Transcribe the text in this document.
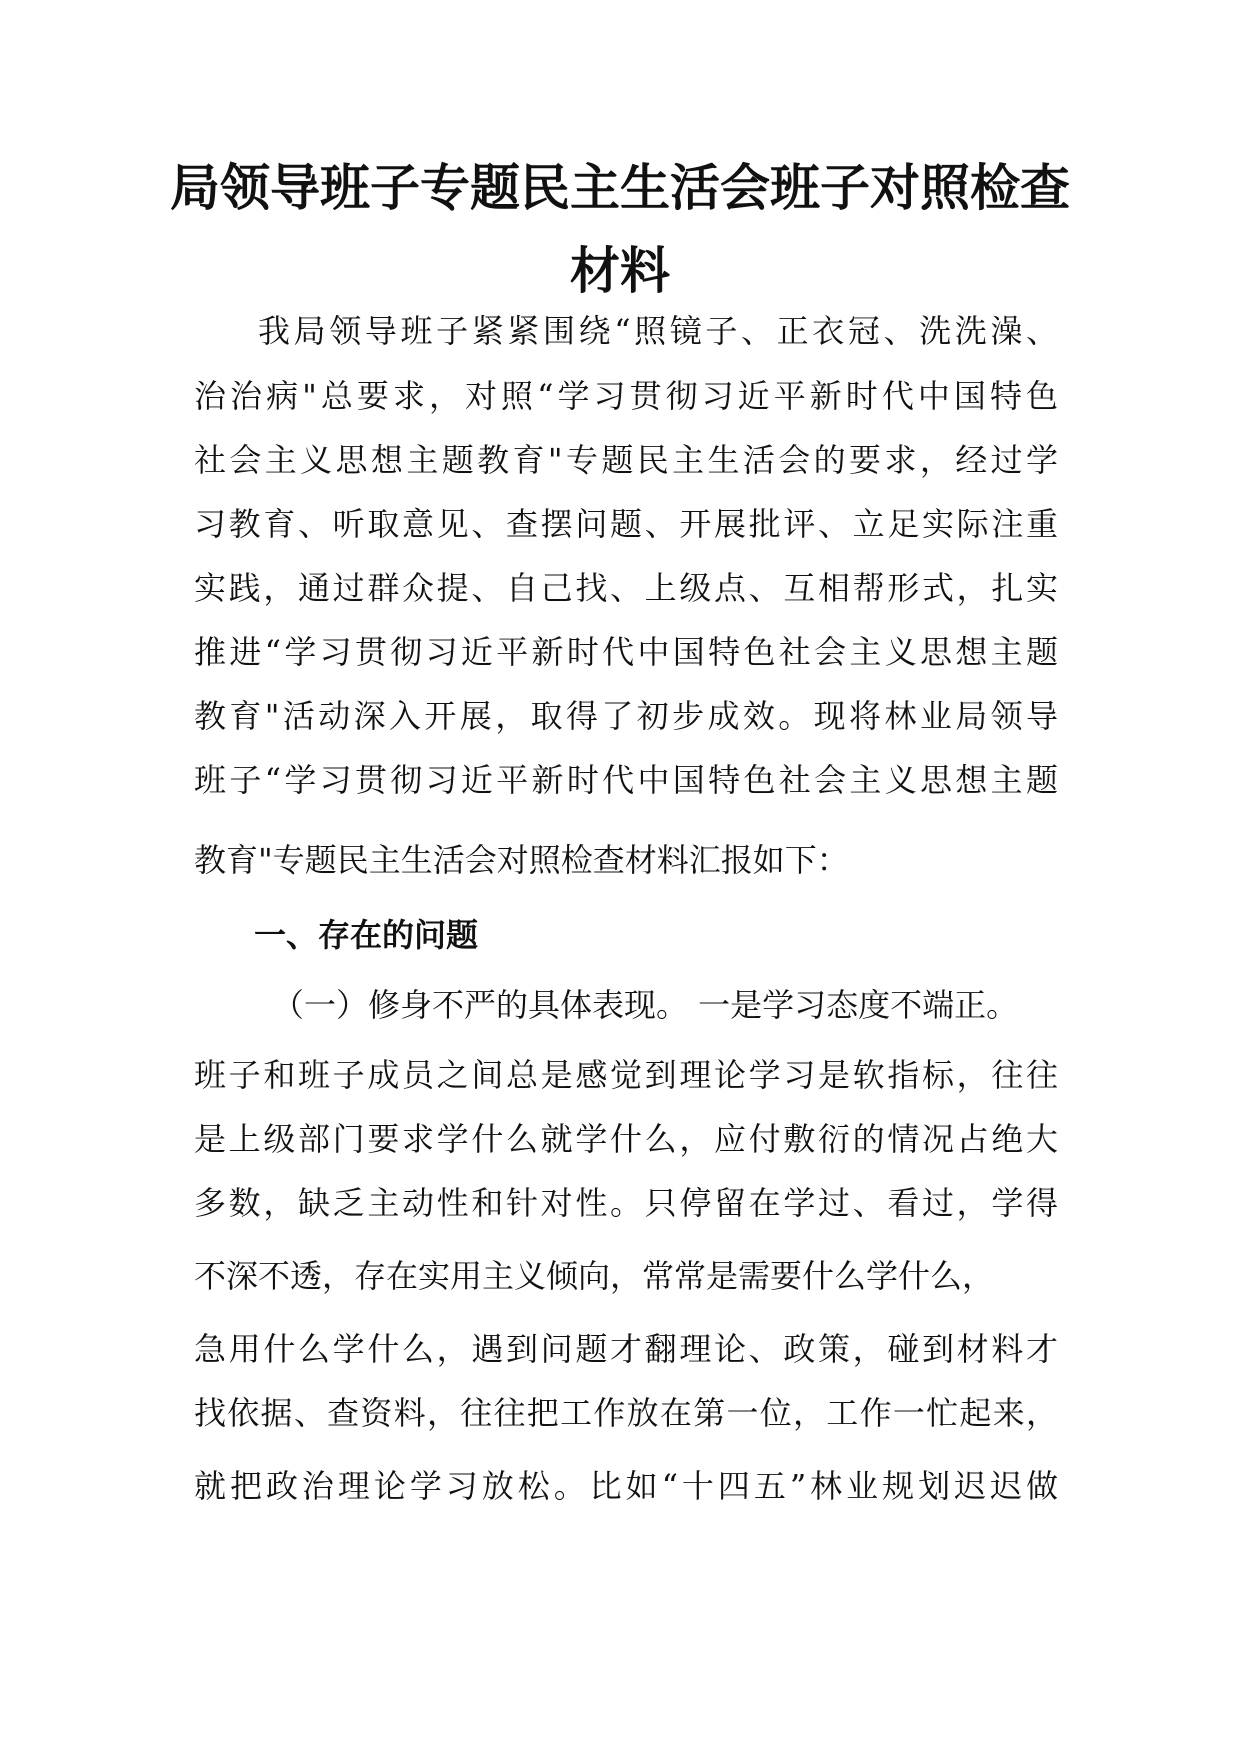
局领导班子专题民主生活会班子对照检查
材料
我局领导班子紧紧围绕“照镜子、正衣冠、洗洗澡、
治治病"总要求，对照“学习贯彻习近平新时代中国特色
社会主义思想主题教育"专题民主生活会的要求，经过学
习教育、听取意见、查摆问题、开展批评、立足实际注重
实践，通过群众提、自己找、上级点、互相帮形式，扎实
推进“学习贯彻习近平新时代中国特色社会主义思想主题
教育"活动深入开展，取得了初步成效。现将林业局领导
班子“学习贯彻习近平新时代中国特色社会主义思想主题
教育"专题民主生活会对照检查材料汇报如下：
一、存在的问题
（一）修身不严的具体表现。 一是学习态度不端正。
班子和班子成员之间总是感觉到理论学习是软指标，往往
是上级部门要求学什么就学什么，应付敷衍的情况占绝大
多数，缺乏主动性和针对性。只停留在学过、看过，学得
不深不透，存在实用主义倾向，常常是需要什么学什么，
急用什么学什么，遇到问题才翻理论、政策，碰到材料才
找依据、查资料，往往把工作放在第一位，工作一忙起来，
就把政治理论学习放松。比如“十四五”林业规划迟迟做
